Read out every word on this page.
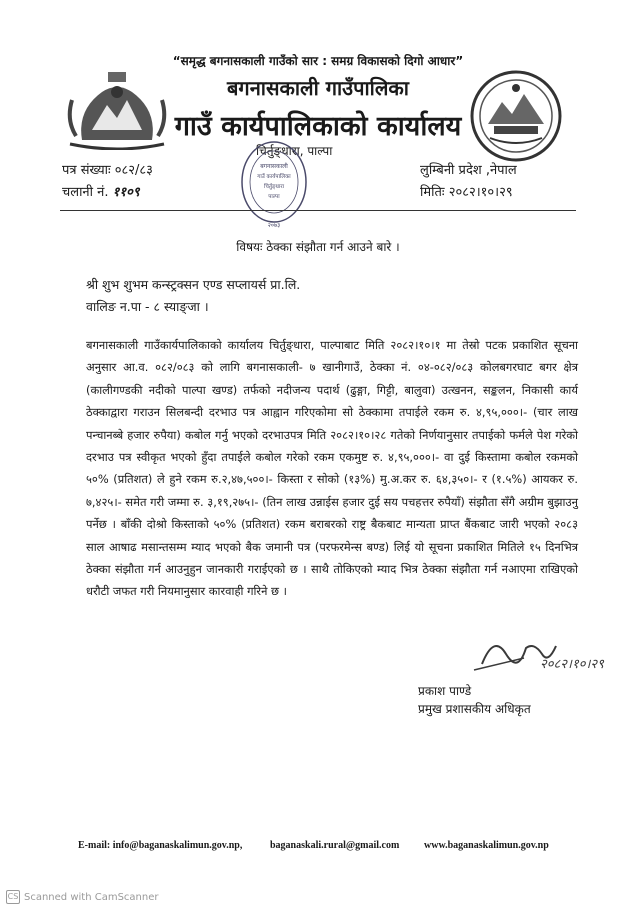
“समृद्ध बगनासकाली गाउँको सार : समग्र विकासको दिगो आधार”
बगनासकाली गाउँपालिका
गाउँ कार्यपालिकाको कार्यालय
चिर्तुङ्धारा, पाल्पा
पत्र संख्याः ०८२/८३
चलानी नं. ११०९
बगनासकाली
गाउँ कार्यपालिका
चिर्तुङ्धारा
पाल्पा
२०७३
लुम्बिनी प्रदेश ,नेपाल
मितिः २०८२।१०।२९
विषयः ठेक्का संझौता गर्न आउने बारे ।
श्री शुभ शुभम कन्स्ट्रक्सन एण्ड सप्लायर्स प्रा.लि.
वालिङ न.पा - ८ स्याङ्जा ।
बगनासकाली गाउँकार्यपालिकाको कार्यालय चिर्तुङ्धारा, पाल्पाबाट मिति २०८२।१०।१ मा तेस्रो पटक प्रकाशित सूचना अनुसार आ.व. ०८२/०८३ को लागि बगनासकाली- ७ खानीगाउँ, ठेक्का नं. ०४-०८२/०८३ कोलबगरघाट बगर क्षेत्र (कालीगण्डकी नदीको पाल्पा खण्ड) तर्फको नदीजन्य पदार्थ (ढुङ्गा, गिट्टी, बालुवा) उत्खनन, सङ्कलन, निकासी कार्य ठेक्काद्वारा गराउन सिलबन्दी दरभाउ पत्र आह्वान गरिएकोमा सो ठेक्कामा तपाईले रकम रु. ४,९५,०००।- (चार लाख पन्चानब्बे हजार रुपैया) कबोल गर्नु भएको दरभाउपत्र मिति २०८२।१०।२८ गतेको निर्णयानुसार तपाईको फर्मले पेश गरेको दरभाउ पत्र स्वीकृत भएको हुँदा तपाईले कबोल गरेको रकम एकमुष्ट रु. ४,९५,०००।- वा दुई किस्तामा कबोल रकमको ५०% (प्रतिशत) ले हुने रकम रु.२,४७,५००।- किस्ता र सोको (१३%) मु.अ.कर रु. ६४,३५०।- र (१.५%) आयकर रु. ७,४२५।- समेत गरी जम्मा रु. ३,१९,२७५।- (तिन लाख उन्नाईस हजार दुई सय पचहत्तर रुपैयाँ) संझौता सँगै अग्रीम बुझाउनु पर्नेछ । बाँकी दोश्रो किस्ताको ५०% (प्रतिशत) रकम बराबरको राष्ट्र बैकबाट मान्यता प्राप्त बैंकबाट जारी भएको २०८३ साल आषाढ मसान्तसम्म म्याद भएको बैक जमानी पत्र (परफरमेन्स बण्ड) लिई यो सूचना प्रकाशित मितिले १५ दिनभित्र ठेक्का संझौता गर्न आउनुहुन जानकारी गराईएको छ । साथै तोकिएको म्याद भित्र ठेक्का संझौता गर्न नआएमा राखिएको धरौटी जफत गरी नियमानुसार कारवाही गरिने छ ।
२०८२।१०।२९
प्रकाश पाण्डे
प्रमुख प्रशासकीय अधिकृत
E-mail: info@baganaskalimun.gov.np,	baganaskali.rural@gmail.com www.baganaskalimun.gov.np
CS Scanned with CamScanner
